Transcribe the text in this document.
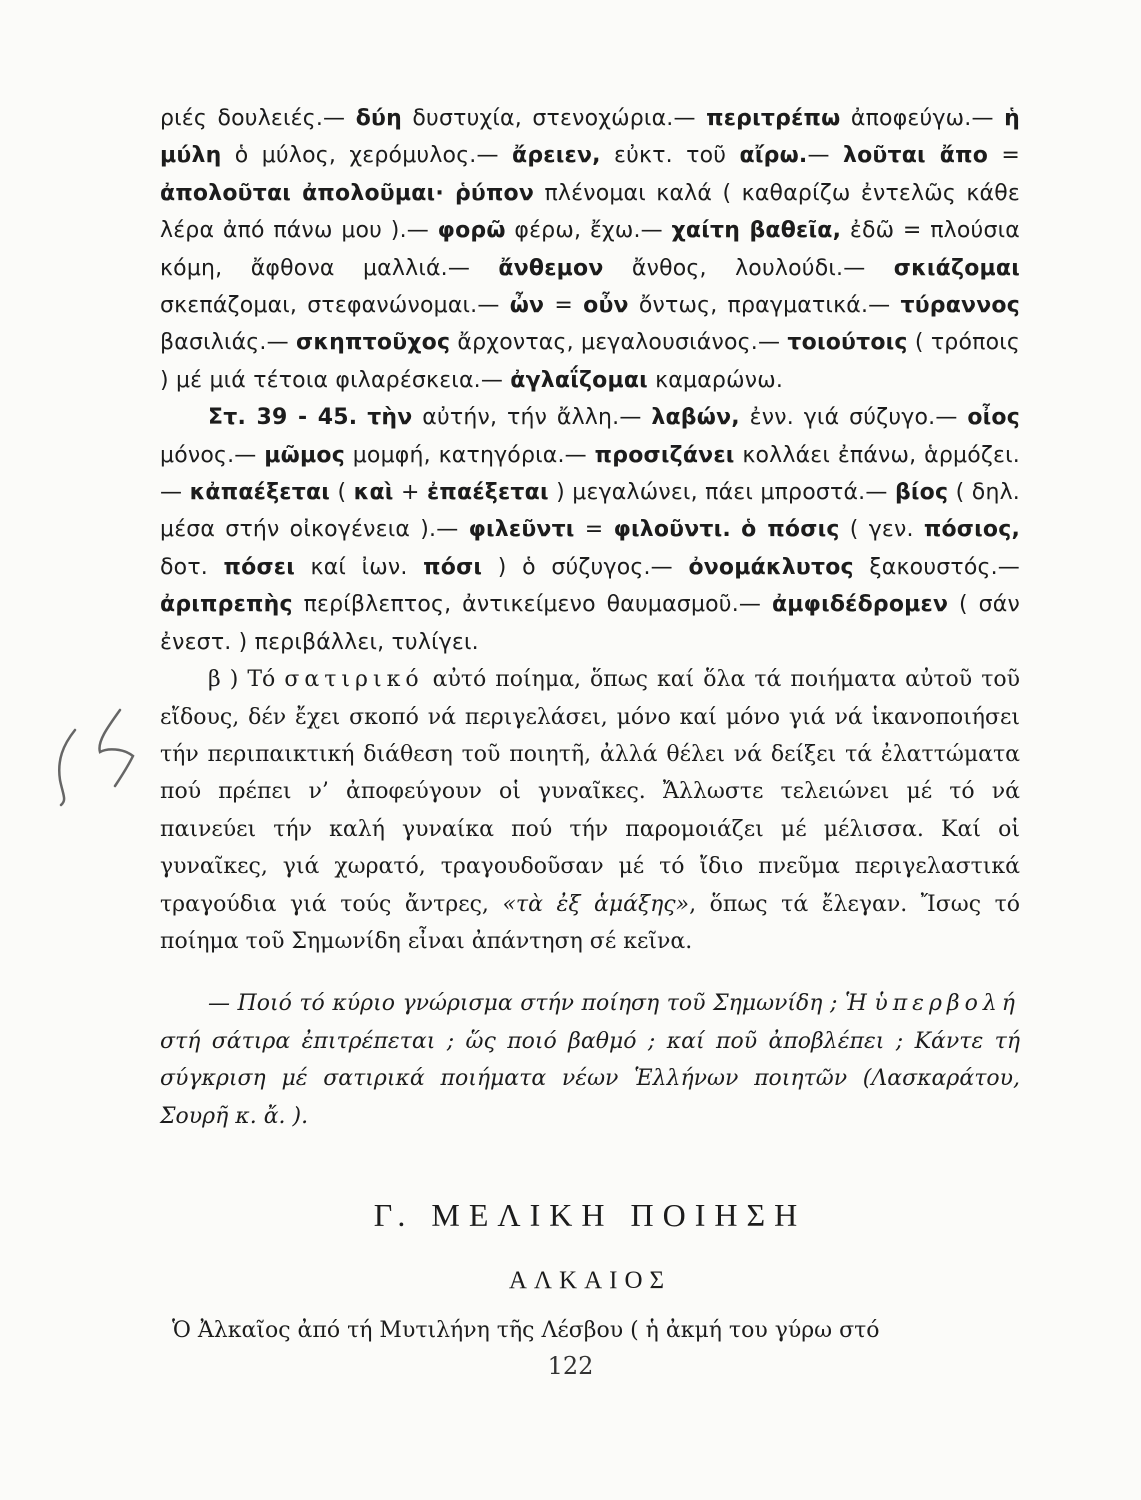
ριές δουλειές.— δύη δυστυχία, στενοχώρια.— περιτρέπω ἀποφεύγω.— ἡ μύλη ὁ μύλος, χερόμυλος.— ἄρειεν, εὐκτ. τοῦ αἴρω.— λοῦται ἄπο = ἀπολοῦται ἀπολοῦμαι· ῥύπον πλένομαι καλά ( καθαρίζω ἐντελῶς κάθε λέρα ἀπό πάνω μου ).— φορῶ φέρω, ἔχω.— χαίτη βαθεῖα, ἐδῶ = πλούσια κόμη, ἄφθονα μαλλιά.— ἄνθεμον ἄνθος, λουλούδι.— σκιάζομαι σκεπάζομαι, στεφανώνομαι.— ὦν = οὖν ὄντως, πραγματικά.— τύραννος βασιλιάς.— σκηπτοῦχος ἄρχοντας, μεγαλουσιάνος.— τοιούτοις ( τρόποις ) μέ μιά τέτοια φιλαρέσκεια.— ἀγλαΐζομαι καμαρώνω.

Στ. 39 - 45. τὴν αὐτήν, τήν ἄλλη.— λαβών, ἐνν. γιά σύζυγο.— οἶος μόνος.— μῶμος μομφή, κατηγόρια.— προσιζάνει κολλάει ἐπάνω, ἁρμόζει.— κἀπαέξεται ( καὶ + ἐπαέξεται ) μεγαλώνει, πάει μπροστά.— βίος ( δηλ. μέσα στήν οἰκογένεια ).— φιλεῦντι = φιλοῦντι. ὁ πόσις ( γεν. πόσιος, δοτ. πόσει καί ἰων. πόσι ) ὁ σύζυγος.— ὀνομάκλυτος ξακουστός.— ἀριπρεπὴς περίβλεπτος, ἀντικείμενο θαυμασμοῦ.— ἀμφιδέδρομεν ( σάν ἐνεστ. ) περιβάλλει, τυλίγει.

β ) Τό σατιρικό αὐτό ποίημα, ὅπως καί ὅλα τά ποιήματα αὐτοῦ τοῦ εἴδους, δέν ἔχει σκοπό νά περιγελάσει, μόνο καί μόνο γιά νά ἱκανοποιήσει τήν περιπαικτική διάθεση τοῦ ποιητῆ, ἀλλά θέλει νά δείξει τά ἐλαττώματα πού πρέπει ν’ ἀποφεύγουν οἱ γυναῖκες. Ἄλλωστε τελειώνει μέ τό νά παινεύει τήν καλή γυναίκα πού τήν παρομοιάζει μέ μέλισσα. Καί οἱ γυναῖκες, γιά χωρατό, τραγουδοῦσαν μέ τό ἴδιο πνεῦμα περιγελαστικά τραγούδια γιά τούς ἄντρες, «τὰ ἐξ ἁμάξης», ὅπως τά ἔλεγαν. Ἴσως τό ποίημα τοῦ Σημωνίδη εἶναι ἀπάντηση σέ κεῖνα.

— Ποιό τό κύριο γνώρισμα στήν ποίηση τοῦ Σημωνίδη ; Ἡ ὑπερβολή στή σάτιρα ἐπιτρέπεται ; ὥς ποιό βαθμό ; καί ποῦ ἀποβλέπει ; Κάντε τή σύγκριση μέ σατιρικά ποιήματα νέων Ἑλλήνων ποιητῶν (Λασκαράτου, Σουρῆ κ. ἄ. ).

Γ. ΜΕΛΙΚΗ ΠΟΙΗΣΗ
ΑΛΚΑΙΟΣ
Ὁ Ἀλκαῖος ἀπό τή Μυτιλήνη τῆς Λέσβου ( ἡ ἀκμή του γύρω στό
122
